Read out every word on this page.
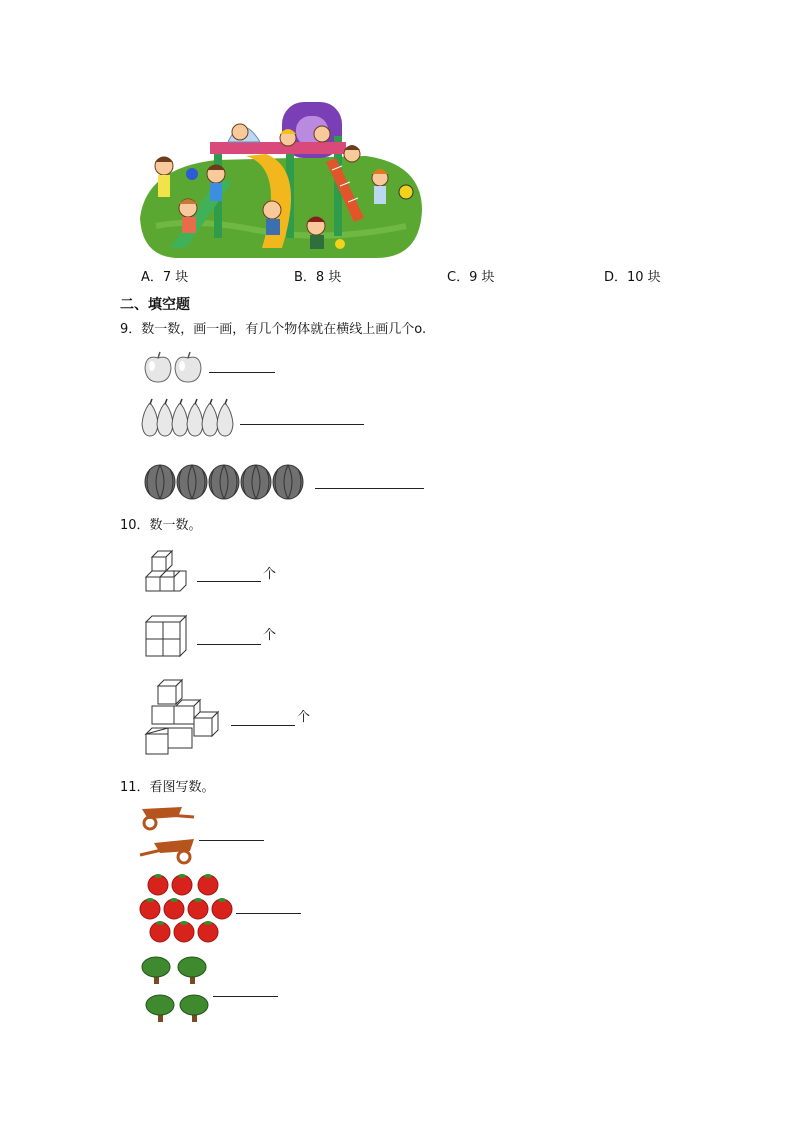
A．7 块	B．8 块	C．9 块	D．10 块
二、填空题
9．数一数，画一画，有几个物体就在横线上画几个o.
10．数一数。
个
个
个
11．看图写数。
